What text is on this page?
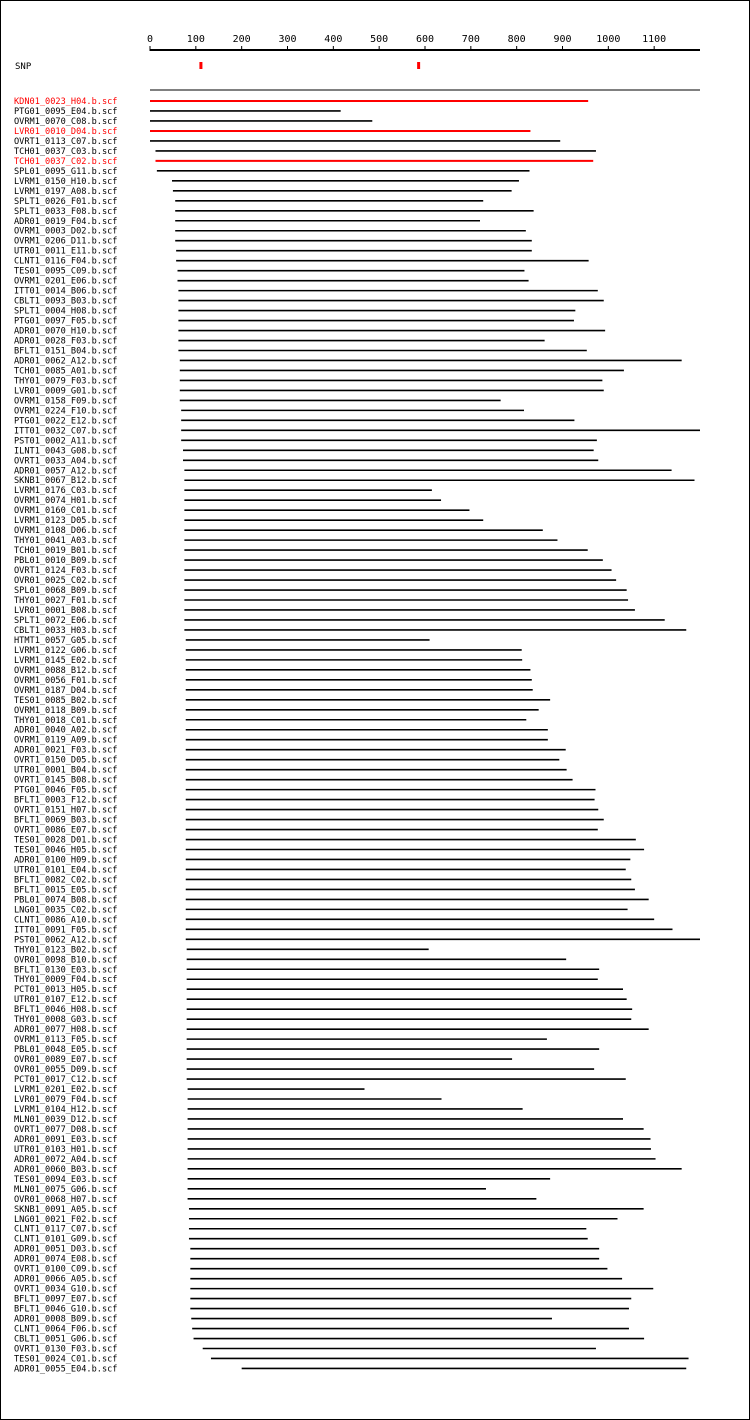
0	100	200	300	400	500	600	700	800	900 1000 1100
SNP
KDN01_0023_H04.b.scf
PTG01_0095_E04.b.scf
OVRM1_0070_C08.b.scf
LVR01_0010_D04.b.scf
OVRT1_0113_C07.b.scf
TCH01_0037_C03.b.scf
TCH01_0037_C02.b.scf
SPL01_0095_G11.b.scf
LVRM1_0150_H10.b.scf
LVRM1_0197_A08.b.scf
SPLT1_0026_F01.b.scf
SPLT1_0033_F08.b.scf
ADR01_0019_F04.b.scf
OVRM1_0003_D02.b.scf
OVRM1_0206_D11.b.scf
UTR01_0011_E11.b.scf
CLNT1_0116_F04.b.scf
TES01_0095_C09.b.scf
OVRM1_0201_E06.b.scf
ITT01_0014_B06.b.scf
CBLT1_0093_B03.b.scf
SPLT1_0004_H08.b.scf
PTG01_0097_F05.b.scf
ADR01_0070_H10.b.scf
ADR01_0028_F03.b.scf
BFLT1_0151_B04.b.scf
ADR01_0062_A12.b.scf
TCH01_0085_A01.b.scf
THY01_0079_F03.b.scf
LVR01_0009_G01.b.scf
OVRM1_0158_F09.b.scf
OVRM1_0224_F10.b.scf
PTG01_0022_E12.b.scf
ITT01_0032_C07.b.scf
PST01_0002_A11.b.scf
ILNT1_0043_G08.b.scf
OVRT1_0033_A04.b.scf
ADR01_0057_A12.b.scf
SKNB1_0067_B12.b.scf
LVRM1_0176_C03.b.scf
OVRM1_0074_H01.b.scf
OVRM1_0160_C01.b.scf
LVRM1_0123_D05.b.scf
OVRM1_0108_D06.b.scf
THY01_0041_A03.b.scf
TCH01_0019_B01.b.scf
PBL01_0010_B09.b.scf
OVRT1_0124_F03.b.scf
OVR01_0025_C02.b.scf
SPL01_0068_B09.b.scf
THY01_0027_F01.b.scf
LVR01_0001_B08.b.scf
SPLT1_0072_E06.b.scf
CBLT1_0033_H03.b.scf
HTMT1_0057_G05.b.scf
LVRM1_0122_G06.b.scf
LVRM1_0145_E02.b.scf
OVRM1_0088_B12.b.scf
OVRM1_0056_F01.b.scf
OVRM1_0187_D04.b.scf
TES01_0085_B02.b.scf
OVRM1_0118_B09.b.scf
THY01_0018_C01.b.scf
ADR01_0040_A02.b.scf
OVRM1_0119_A09.b.scf
ADR01_0021_F03.b.scf
OVRT1_0150_D05.b.scf
UTR01_0001_B04.b.scf
OVRT1_0145_B08.b.scf
PTG01_0046_F05.b.scf
BFLT1_0003_F12.b.scf
OVRT1_0151_H07.b.scf
BFLT1_0069_B03.b.scf
OVRT1_0086_E07.b.scf
TES01_0028_D01.b.scf
TES01_0046_H05.b.scf
ADR01_0100_H09.b.scf
UTR01_0101_E04.b.scf
BFLT1_0082_C02.b.scf
BFLT1_0015_E05.b.scf
PBL01_0074_B08.b.scf
LNG01_0035_C02.b.scf
CLNT1_0086_A10.b.scf
ITT01_0091_F05.b.scf
PST01_0062_A12.b.scf
THY01_0123_B02.b.scf
OVR01_0098_B10.b.scf
BFLT1_0130_E03.b.scf
THY01_0009_F04.b.scf
PCT01_0013_H05.b.scf
UTR01_0107_E12.b.scf
BFLT1_0046_H08.b.scf
THY01_0008_G03.b.scf
ADR01_0077_H08.b.scf
OVRM1_0113_F05.b.scf
PBL01_0048_E05.b.scf
OVR01_0089_E07.b.scf
OVR01_0055_D09.b.scf
PCT01_0017_C12.b.scf
LVRM1_0201_E02.b.scf
LVR01_0079_F04.b.scf
LVRM1_0104_H12.b.scf
MLN01_0039_D12.b.scf
OVRT1_0077_D08.b.scf
ADR01_0091_E03.b.scf
UTR01_0103_H01.b.scf
ADR01_0072_A04.b.scf
ADR01_0060_B03.b.scf
TES01_0094_E03.b.scf
MLN01_0075_G06.b.scf
OVR01_0068_H07.b.scf
SKNB1_0091_A05.b.scf
LNG01_0021_F02.b.scf
CLNT1_0117_C07.b.scf
CLNT1_0101_G09.b.scf
ADR01_0051_D03.b.scf
ADR01_0074_E08.b.scf
OVRT1_0100_C09.b.scf
ADR01_0066_A05.b.scf
OVRT1_0034_G10.b.scf
BFLT1_0097_E07.b.scf
BFLT1_0046_G10.b.scf
ADR01_0008_B09.b.scf
CLNT1_0064_F06.b.scf
CBLT1_0051_G06.b.scf
OVRT1_0130_F03.b.scf
TES01_0024_C01.b.scf
ADR01_0055_E04.b.scf
